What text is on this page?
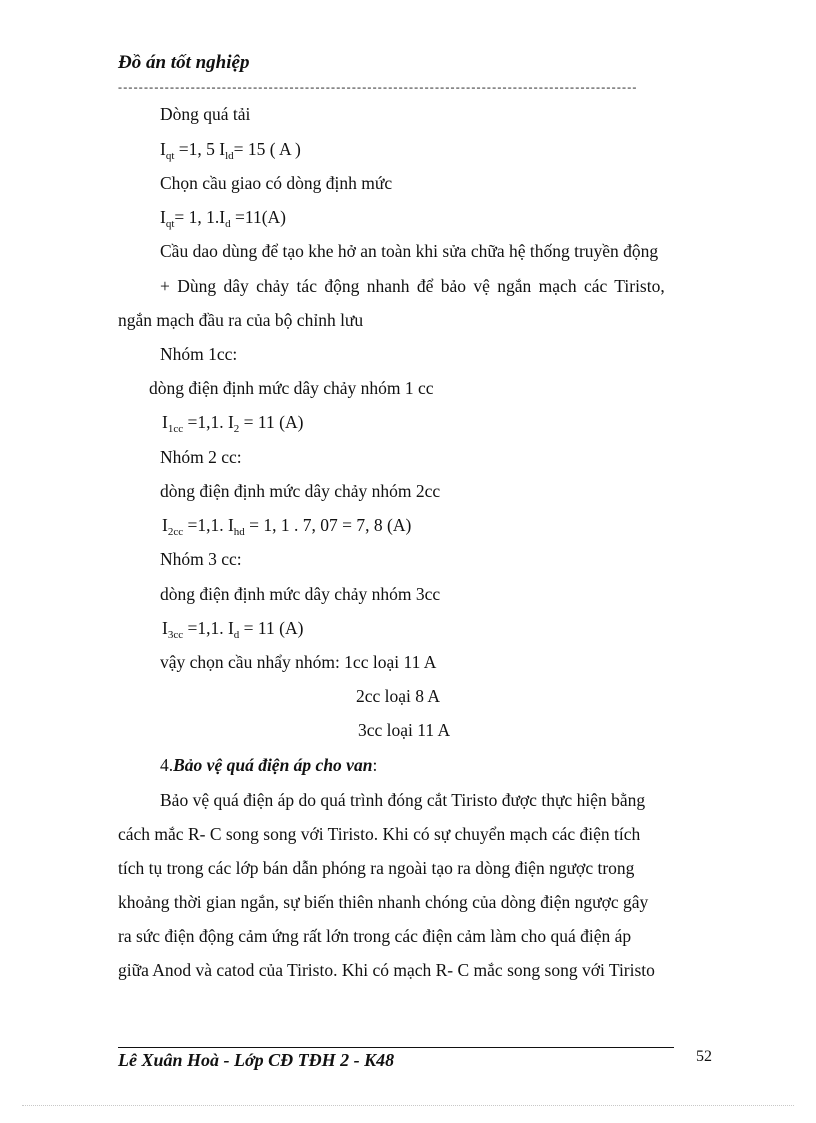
Đồ án tốt nghiệp
----------------------------------------------------------------------------------------------------
Dòng quá tải
$I_{qt} =1$, 5 $I_{ld}= 15$ ( A )
Chọn cầu giao có dòng định mức
$I_{qt}= 1$, $1.I_d =11(A)$
Cầu dao dùng để tạo khe hở an toàn khi sửa chữa hệ thống truyền động
+ Dùng dây chảy tác động nhanh để bảo vệ ngắn mạch các Tiristo,
ngắn mạch đầu ra của bộ chỉnh lưu
Nhóm 1cc:
dòng điện định mức dây chảy nhóm 1 cc
$I_{1cc} =1,1$. $I_2 = 11$ (A)
Nhóm 2 cc:
dòng điện định mức dây chảy nhóm 2cc
$I_{2cc} =1,1$. $I_{hd} = 1$, 1 . 7, 07 = 7, 8 (A)
Nhóm 3 cc:
dòng điện định mức dây chảy nhóm 3cc
$I_{3cc} =1,1$. $I_d = 11$ (A)
vậy chọn cầu nhẩy nhóm: 1cc loại 11 A
2cc loại 8 A
3cc loại 11 A
4.Bảo vệ quá điện áp cho van:
Bảo vệ quá điện áp do quá trình đóng cắt Tiristo được thực hiện bằng
cách mắc R- C song song với Tiristo. Khi có sự chuyển mạch các điện tích
tích tụ trong các lớp bán dẫn phóng ra ngoài tạo ra dòng điện ngược trong
khoảng thời gian ngắn, sự biến thiên nhanh chóng của dòng điện ngược gây
ra sức điện động cảm ứng rất lớn trong các điện cảm làm cho quá điện áp
giữa Anod và catod của Tiristo. Khi có mạch R- C mắc song song với Tiristo
Lê Xuân Hoà - Lớp CĐ TĐH 2 - K48	52
